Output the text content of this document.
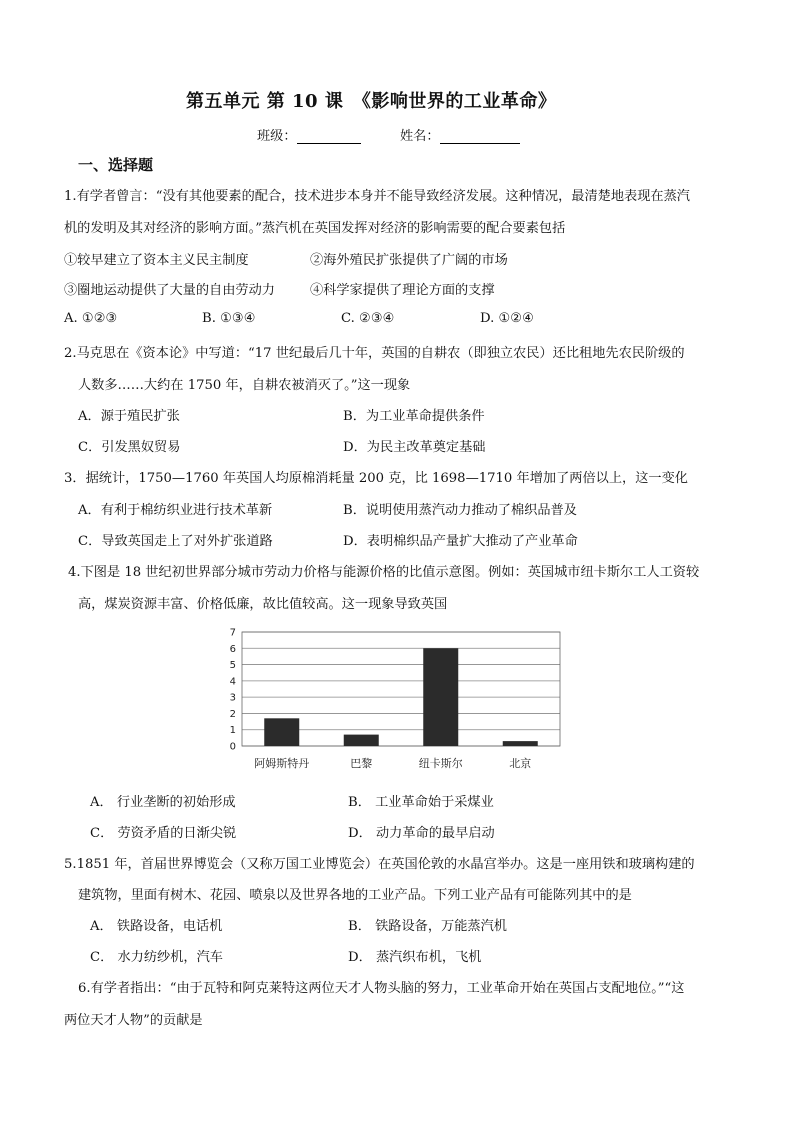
第五单元 第 10 课　《影响世界的工业革命》
班级：	姓名：
一、选择题
1.有学者曾言：“没有其他要素的配合，技术进步本身并不能导致经济发展。这种情况，最清楚地表现在蒸汽
机的发明及其对经济的影响方面。”蒸汽机在英国发挥对经济的影响需要的配合要素包括
①较早建立了资本主义民主制度	②海外殖民扩张提供了广阔的市场
③圈地运动提供了大量的自由劳动力	④科学家提供了理论方面的支撑
A. ①②③	B. ①③④	C. ②③④	D. ①②④
2.马克思在《资本论》中写道：“17 世纪最后几十年，英国的自耕农（即独立农民）还比租地先农民阶级的
人数多……大约在 1750 年，自耕农被消灭了。”这一现象
A．源于殖民扩张	B．为工业革命提供条件
C．引发黑奴贸易	D．为民主改革奠定基础
3．据统计，1750—1760 年英国人均原棉消耗量 200 克，比 1698—1710 年增加了两倍以上，这一变化
A．有利于棉纺织业进行技术革新	B．说明使用蒸汽动力推动了棉织品普及
C．导致英国走上了对外扩张道路	D．表明棉织品产量扩大推动了产业革命
4.下图是 18 世纪初世界部分城市劳动力价格与能源价格的比值示意图。例如：英国城市纽卡斯尔工人工资较
高，煤炭资源丰富、价格低廉，故比值较高。这一现象导致英国
0
1
2
3
4
5
6
7
阿姆斯特丹	巴黎	纽卡斯尔	北京
A． 行业垄断的初始形成	B． 工业革命始于采煤业
C． 劳资矛盾的日渐尖锐	D． 动力革命的最早启动
5.1851 年，首届世界博览会（又称万国工业博览会）在英国伦敦的水晶宫举办。这是一座用铁和玻璃构建的
建筑物，里面有树木、花园、喷泉以及世界各地的工业产品。下列工业产品有可能陈列其中的是
A． 铁路设备，电话机	B． 铁路设备，万能蒸汽机
C． 水力纺纱机，汽车	D． 蒸汽织布机，飞机
6.有学者指出：“由于瓦特和阿克莱特这两位天才人物头脑的努力，工业革命开始在英国占支配地位。”“这
两位天才人物”的贡献是
